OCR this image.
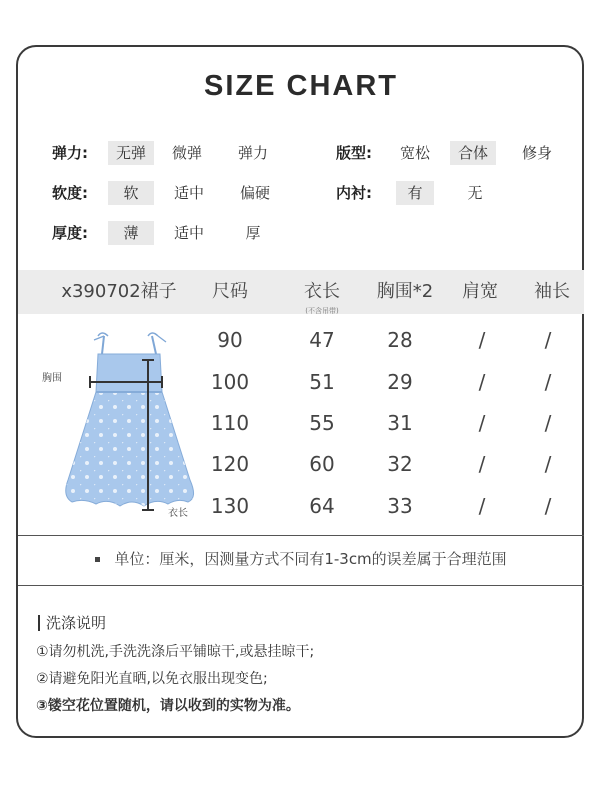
SIZE CHART
弹力:	无弹	微弹	弹力	版型:	宽松	合体	修身
软度:	软	适中	偏硬	内衬:	有	无
厚度:	薄	适中	厚
x390702裙子	尺码	衣长	胸围*2	肩宽	袖长
(不含吊带)
胸围
衣长
90	47	28	/	/
100	51	29	/	/
110	55	31	/	/
120	60	32	/	/
130	64	33	/	/
单位：厘米，因测量方式不同有1-3cm的误差属于合理范围
洗涤说明
①请勿机洗,手洗洗涤后平铺晾干,或悬挂晾干;
②请避免阳光直晒,以免衣服出现变色;
③镂空花位置随机，请以收到的实物为准。
